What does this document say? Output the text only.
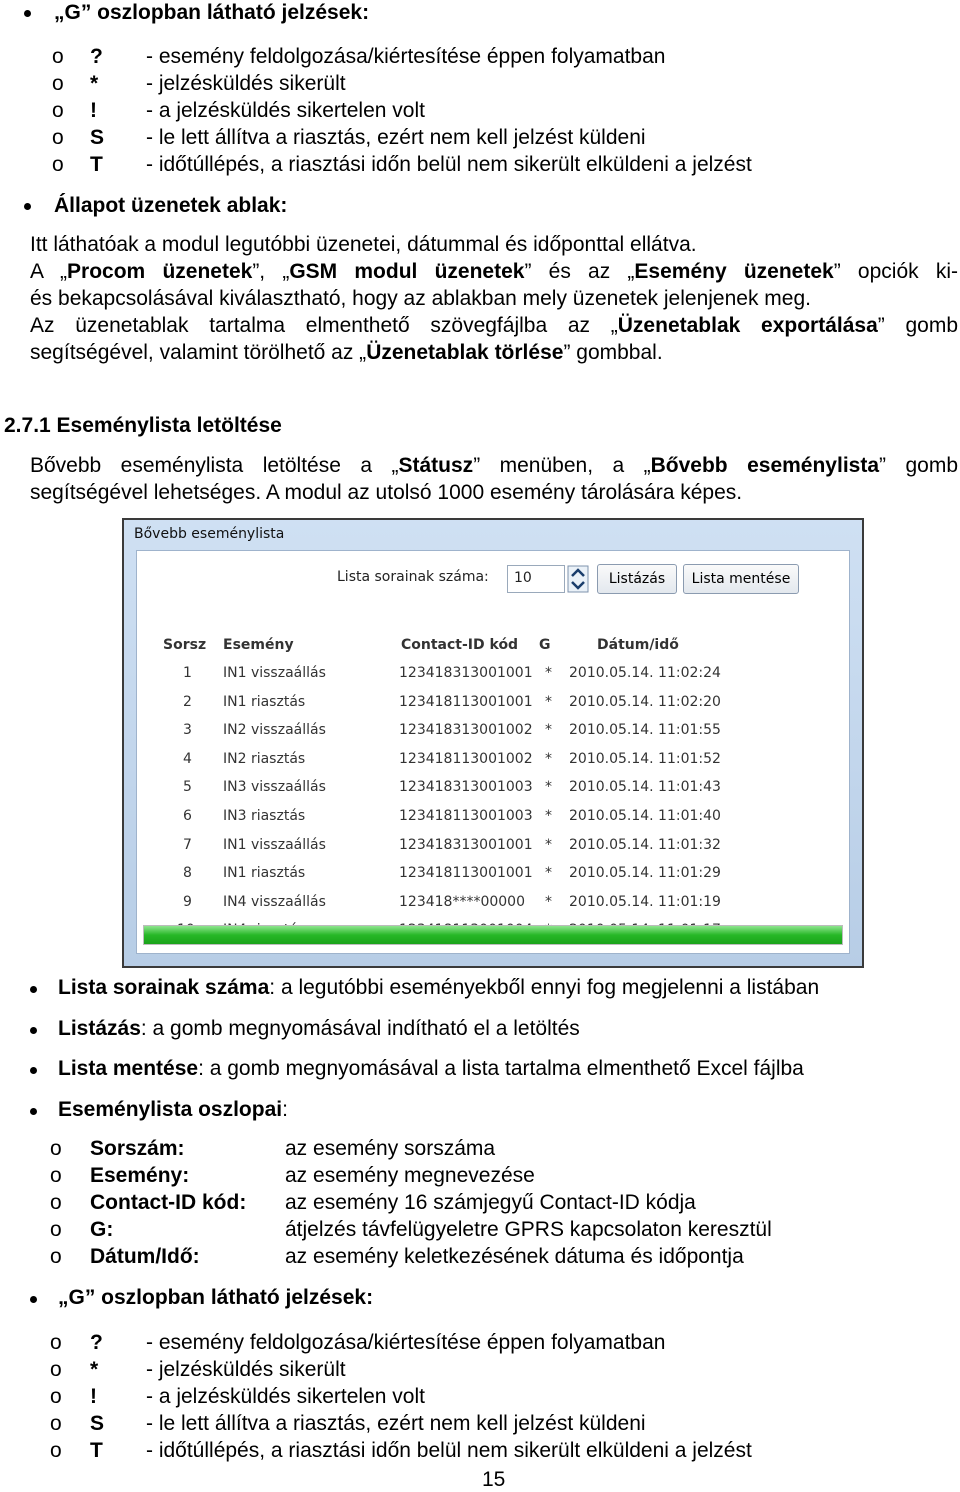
„G” oszlopban látható jelzések:
o ? - esemény feldolgozása/kiértesítése éppen folyamatban
o * - jelzésküldés sikerült
o ! - a jelzésküldés sikertelen volt
o S - le lett állítva a riasztás, ezért nem kell jelzést küldeni
o T - időtúllépés, a riasztási időn belül nem sikerült elküldeni a jelzést
Állapot üzenetek ablak:
Itt láthatóak a modul legutóbbi üzenetei, dátummal és időponttal ellátva.
A „Procom üzenetek”, „GSM modul üzenetek” és az „Esemény üzenetek” opciók ki-
és bekapcsolásával kiválasztható, hogy az ablakban mely üzenetek jelenjenek meg.
Az üzenetablak tartalma elmenthető szövegfájlba az „Üzenetablak exportálása” gomb
segítségével, valamint törölhető az „Üzenetablak törlése” gombbal.
2.7.1 Eseménylista letöltése
Bővebb eseménylista letöltése a „Státusz” menüben, a „Bővebb eseménylista” gomb
segítségével lehetséges. A modul az utolsó 1000 esemény tárolására képes.
Bővebb eseménylista
Lista sorainak száma: 10	Listázás	Lista mentése
Sorsz Esemény	Contact-ID kód G	Dátum/idő
1 IN1 visszaállás	123418313001001 * 2010.05.14. 11:02:24
2 IN1 riasztás	123418113001001 * 2010.05.14. 11:02:20
3 IN2 visszaállás	123418313001002 * 2010.05.14. 11:01:55
4 IN2 riasztás	123418113001002 * 2010.05.14. 11:01:52
5 IN3 visszaállás	123418313001003 * 2010.05.14. 11:01:43
6 IN3 riasztás	123418113001003 * 2010.05.14. 11:01:40
7 IN1 visszaállás	123418313001001 * 2010.05.14. 11:01:32
8 IN1 riasztás	123418113001001 * 2010.05.14. 11:01:29
9 IN4 visszaállás	123418****00000 * 2010.05.14. 11:01:19
Lista sorainak száma: a legutóbbi eseményekből ennyi fog megjelenni a listában
Listázás: a gomb megnyomásával indítható el a letöltés
Lista mentése: a gomb megnyomásával a lista tartalma elmenthető Excel fájlba
Eseménylista oszlopai:
o Sorszám:	az esemény sorszáma
o Esemény:	az esemény megnevezése
o Contact-ID kód: az esemény 16 számjegyű Contact-ID kódja
o G:	átjelzés távfelügyeletre GPRS kapcsolaton keresztül
o Dátum/Idő:	az esemény keletkezésének dátuma és időpontja
„G” oszlopban látható jelzések:
o ? - esemény feldolgozása/kiértesítése éppen folyamatban
o * - jelzésküldés sikerült
o ! - a jelzésküldés sikertelen volt
o S - le lett állítva a riasztás, ezért nem kell jelzést küldeni
o T - időtúllépés, a riasztási időn belül nem sikerült elküldeni a jelzést
15
